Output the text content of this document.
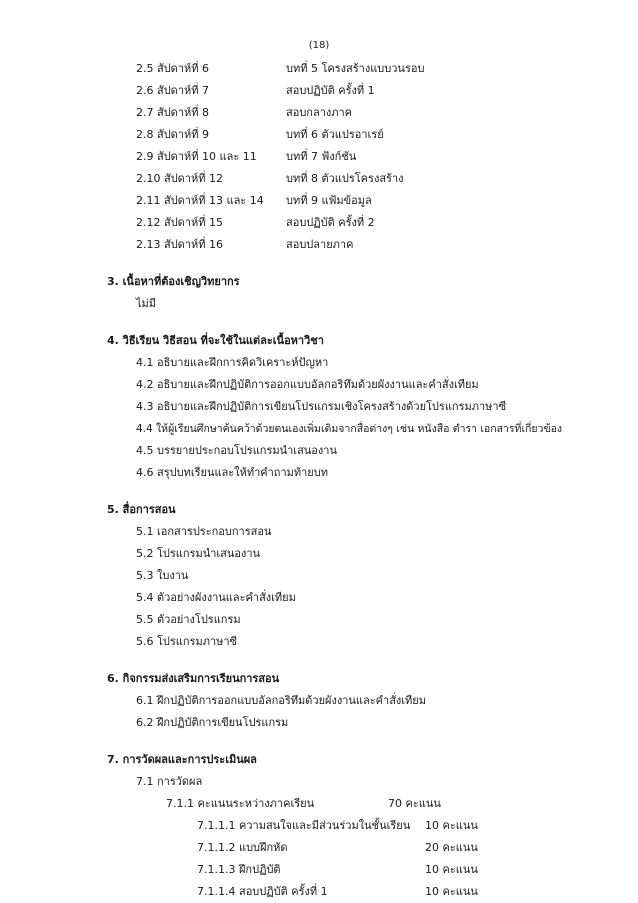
(18)
2.5 สัปดาห์ที่ 6	บทที่ 5 โครงสร้างแบบวนรอบ
2.6 สัปดาห์ที่ 7	สอบปฏิบัติ ครั้งที่ 1
2.7 สัปดาห์ที่ 8	สอบกลางภาค
2.8 สัปดาห์ที่ 9	บทที่ 6 ตัวแปรอาเรย์
2.9 สัปดาห์ที่ 10 และ 11	บทที่ 7 ฟังก์ชัน
2.10 สัปดาห์ที่ 12	บทที่ 8 ตัวแปรโครงสร้าง
2.11 สัปดาห์ที่ 13 และ 14 บทที่ 9 แฟ้มข้อมูล
2.12 สัปดาห์ที่ 15	สอบปฏิบัติ ครั้งที่ 2
2.13 สัปดาห์ที่ 16	สอบปลายภาค
3. เนื้อหาที่ต้องเชิญวิทยากร
ไม่มี
4. วิธีเรียน วิธีสอน ที่จะใช้ในแต่ละเนื้อหาวิชา
4.1 อธิบายและฝึกการคิดวิเคราะห์ปัญหา
4.2 อธิบายและฝึกปฏิบัติการออกแบบอัลกอริทึมด้วยผังงานและคำสั่งเทียม
4.3 อธิบายและฝึกปฏิบัติการเขียนโปรแกรมเชิงโครงสร้างด้วยโปรแกรมภาษาซี
4.4 ให้ผู้เรียนศึกษาค้นคว้าด้วยตนเองเพิ่มเติมจากสื่อต่างๆ เช่น หนังสือ ตำรา เอกสารที่เกี่ยวข้อง
4.5 บรรยายประกอบโปรแกรมนำเสนองาน
4.6 สรุปบทเรียนและให้ทำคำถามท้ายบท
5. สื่อการสอน
5.1 เอกสารประกอบการสอน
5.2 โปรแกรมนำเสนองาน
5.3 ใบงาน
5.4 ตัวอย่างผังงานและคำสั่งเทียม
5.5 ตัวอย่างโปรแกรม
5.6 โปรแกรมภาษาซี
6. กิจกรรมส่งเสริมการเรียนการสอน
6.1 ฝึกปฏิบัติการออกแบบอัลกอริทึมด้วยผังงานและคำสั่งเทียม
6.2 ฝึกปฏิบัติการเขียนโปรแกรม
7. การวัดผลและการประเมินผล
7.1 การวัดผล
7.1.1 คะแนนระหว่างภาคเรียน	70 คะแนน
7.1.1.1 ความสนใจและมีส่วนร่วมในชั้นเรียน 10 คะแนน
7.1.1.2 แบบฝึกหัด	20 คะแนน
7.1.1.3 ฝึกปฏิบัติ	10 คะแนน
7.1.1.4 สอบปฏิบัติ ครั้งที่ 1	10 คะแนน
